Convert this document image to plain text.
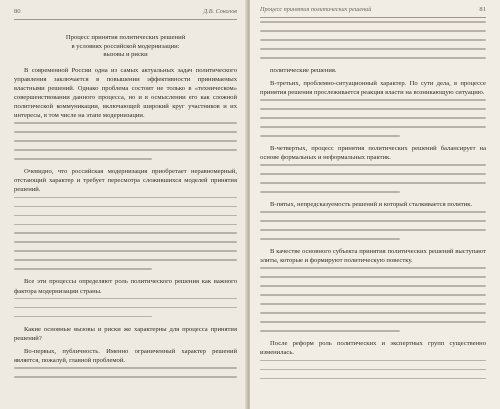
80	Д.В. Соколов
Процесс принятия политических решений
в условиях российской модернизации:
вызовы и риски

В современной России одна из самых актуальных задач политического управления заключается в повышении эффективности принимаемых властными решений. Однако проблема состоит не только в «техническом» совершенствовании данного процесса, но и в осмыслении его как сложной политической коммуникации, включающей широкий круг участников и их интересы, в том числе на этапе модернизации.

Очевидно, что российская модернизация приобретает неравномерный, отстающий характер и требует пересмотра сложившихся моделей принятия решений.

Все эти процессы определяют роль политического решения как важного фактора модернизации страны.

Какие основные вызовы и риски же характерны для процесса принятия решений?

Во-первых, публичность. Именно ограниченный характер решений является, пожалуй, главной проблемой.

Процесс принятия политических решений	81

политические решения.

В-третьих, проблемно-ситуационный характер. По сути дела, в процессе принятия решения прослеживается реакция власти на возникающую ситуацию.

В-четвертых, процесс принятия политических решений балансирует на основе формальных и неформальных практик.

В-пятых, непредсказуемость решений и который сталкивается политик.

В качестве основного субъекта принятия политических решений выступают элиты, которые и формируют политическую повестку.

После реформ роль политических и экспертных групп существенно изменилась.
